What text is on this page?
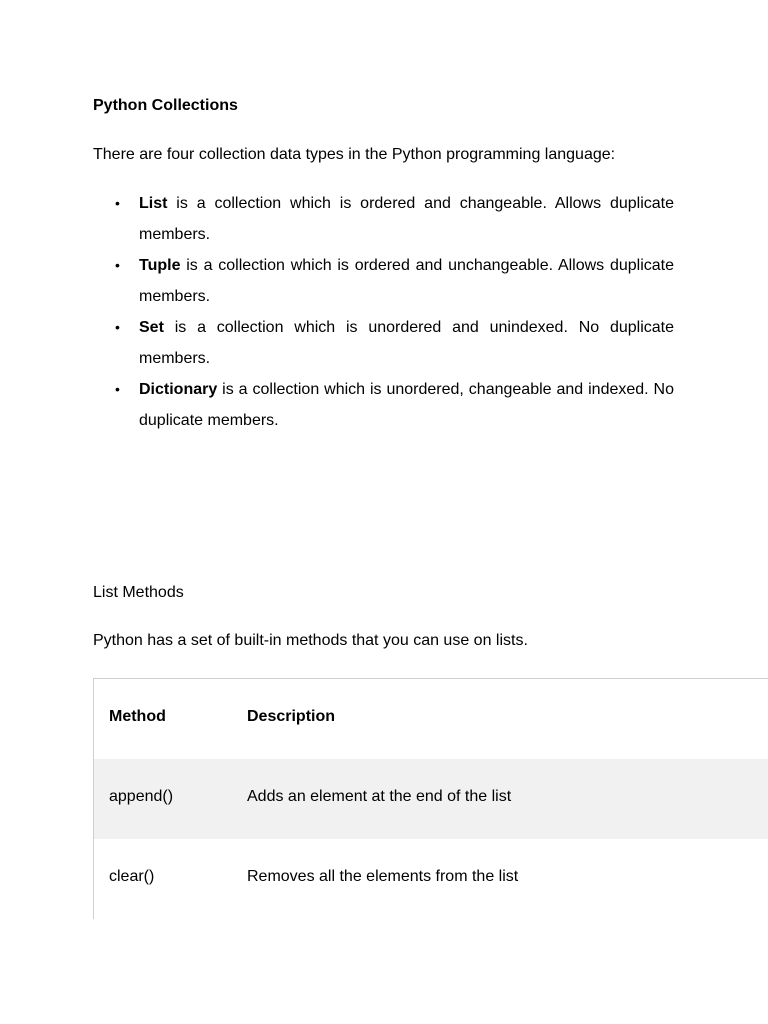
Python Collections
There are four collection data types in the Python programming language:
• List is a collection which is ordered and changeable. Allows duplicate members.
• Tuple is a collection which is ordered and unchangeable. Allows duplicate members.
• Set is a collection which is unordered and unindexed. No duplicate members.
• Dictionary is a collection which is unordered, changeable and indexed. No duplicate members.
List Methods
Python has a set of built-in methods that you can use on lists.
Method	Description
append()	Adds an element at the end of the list
clear()	Removes all the elements from the list
